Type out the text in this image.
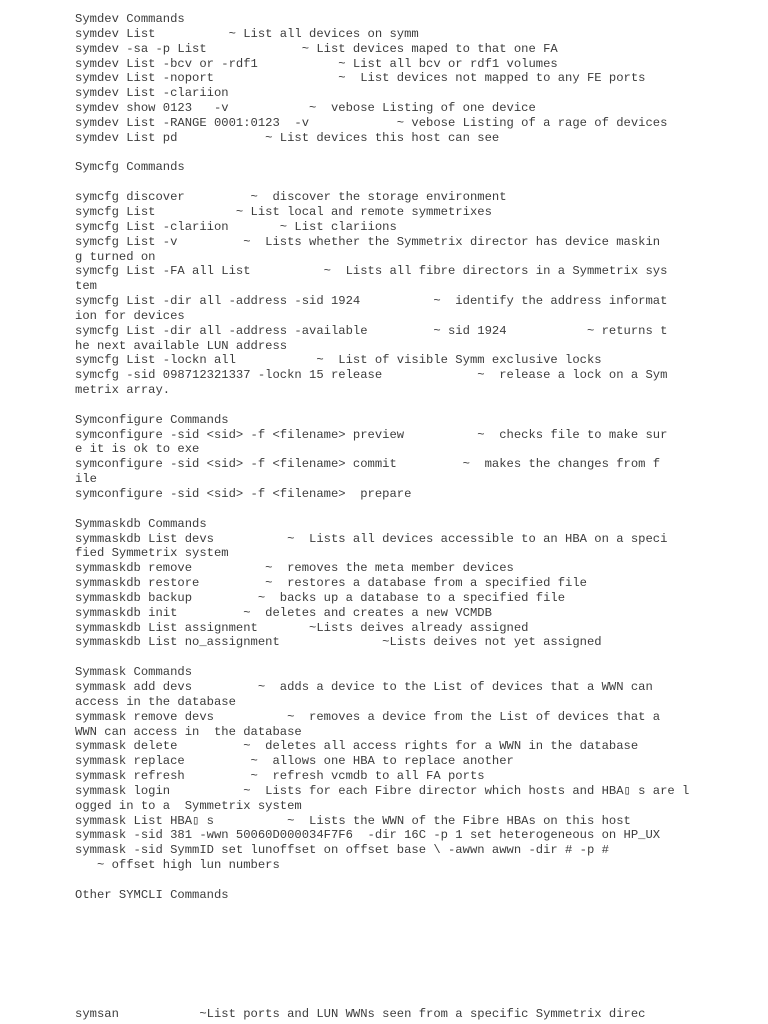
Symdev Commands
symdev List          ~ List all devices on symm
symdev -sa -p List             ~ List devices maped to that one FA
symdev List -bcv or -rdf1           ~ List all bcv or rdf1 volumes
symdev List -noport                 ~  List devices not mapped to any FE ports
symdev List -clariion
symdev show 0123   -v           ~  vebose Listing of one device
symdev List -RANGE 0001:0123  -v            ~ vebose Listing of a rage of devices
symdev List pd            ~ List devices this host can see
Symcfg Commands
symcfg discover         ~  discover the storage environment
symcfg List           ~ List local and remote symmetrixes
symcfg List -clariion       ~ List clariions
symcfg List -v         ~  Lists whether the Symmetrix director has device maskin
g turned on
symcfg List -FA all List          ~  Lists all fibre directors in a Symmetrix sys
tem
symcfg List -dir all -address -sid 1924          ~  identify the address informat
ion for devices
symcfg List -dir all -address -available         ~ sid 1924           ~ returns t
he next available LUN address
symcfg List -lockn all           ~  List of visible Symm exclusive locks
symcfg -sid 098712321337 -lockn 15 release             ~  release a lock on a Sym
metrix array.
Symconfigure Commands
symconfigure -sid <sid> -f <filename> preview          ~  checks file to make sur
e it is ok to exe
symconfigure -sid <sid> -f <filename> commit         ~  makes the changes from f
ile
symconfigure -sid <sid> -f <filename>  prepare
Symmaskdb Commands
symmaskdb List devs          ~  Lists all devices accessible to an HBA on a speci
fied Symmetrix system
symmaskdb remove          ~  removes the meta member devices
symmaskdb restore         ~  restores a database from a specified file
symmaskdb backup         ~  backs up a database to a specified file
symmaskdb init         ~  deletes and creates a new VCMDB
symmaskdb List assignment       ~Lists deives already assigned
symmaskdb List no_assignment              ~Lists deives not yet assigned
Symmask Commands
symmask add devs         ~  adds a device to the List of devices that a WWN can
access in the database
symmask remove devs          ~  removes a device from the List of devices that a
WWN can access in  the database
symmask delete         ~  deletes all access rights for a WWN in the database
symmask replace         ~  allows one HBA to replace another
symmask refresh         ~  refresh vcmdb to all FA ports
symmask login          ~  Lists for each Fibre director which hosts and HBA▯ s are l
ogged in to a  Symmetrix system
symmask List HBA▯ s          ~  Lists the WWN of the Fibre HBAs on this host
symmask -sid 381 -wwn 50060D000034F7F6  -dir 16C -p 1 set heterogeneous on HP_UX
symmask -sid SymmID set lunoffset on offset base \ -awwn awwn -dir # -p #
~ offset high lun numbers
Other SYMCLI Commands
symsan           ~List ports and LUN WWNs seen from a specific Symmetrix direc
